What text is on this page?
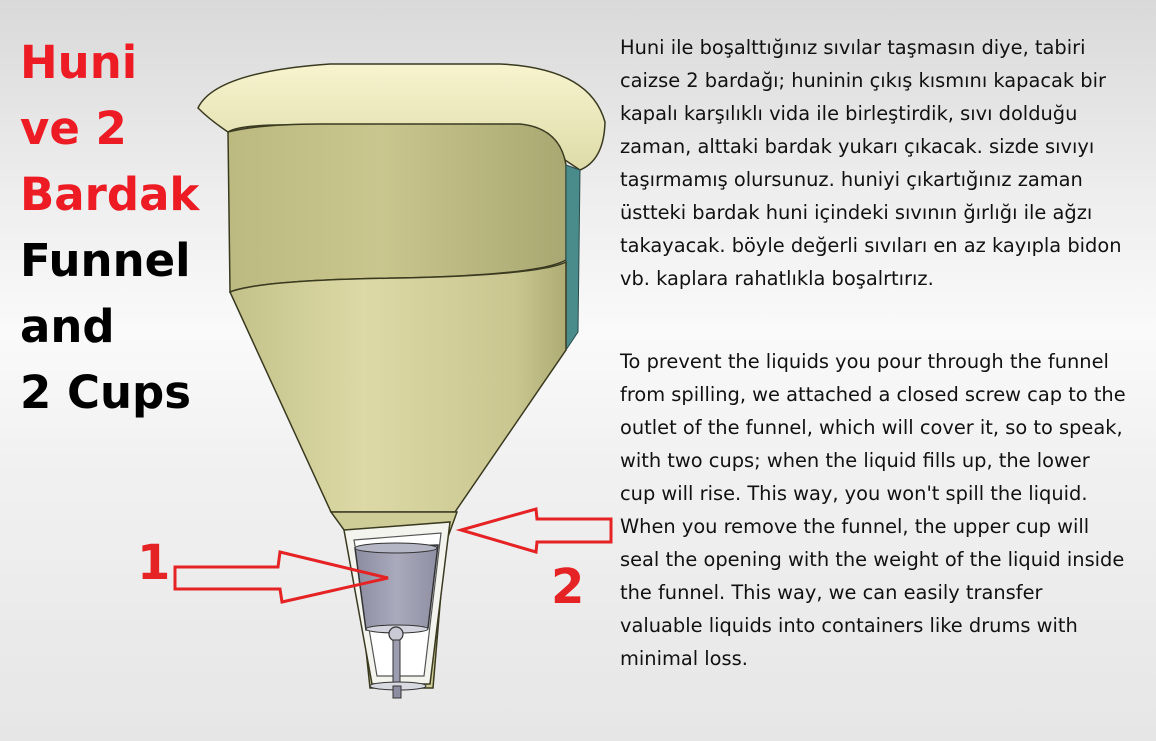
Huni
ve 2
Bardak
Funnel
and
2 Cups

Huni ile boşalttığınız sıvılar taşmasın diye, tabiri caizse 2 bardağı; huninin çıkış kısmını kapacak bir kapalı karşılıklı vida ile birleştirdik, sıvı dolduğu zaman, alttaki bardak yukarı çıkacak. sizde sıvıyı taşırmamış olursunuz. huniyi çıkartığınız zaman üstteki bardak huni içindeki sıvının ğırlığı ile ağzı takayacak. böyle değerli sıvıları en az kayıpla bidon vb. kaplara rahatlıkla boşalrtırız.

To prevent the liquids you pour through the funnel from spilling, we attached a closed screw cap to the outlet of the funnel, which will cover it, so to speak, with two cups; when the liquid fills up, the lower cup will rise. This way, you won't spill the liquid. When you remove the funnel, the upper cup will seal the opening with the weight of the liquid inside the funnel. This way, we can easily transfer valuable liquids into containers like drums with minimal loss.

1	2
